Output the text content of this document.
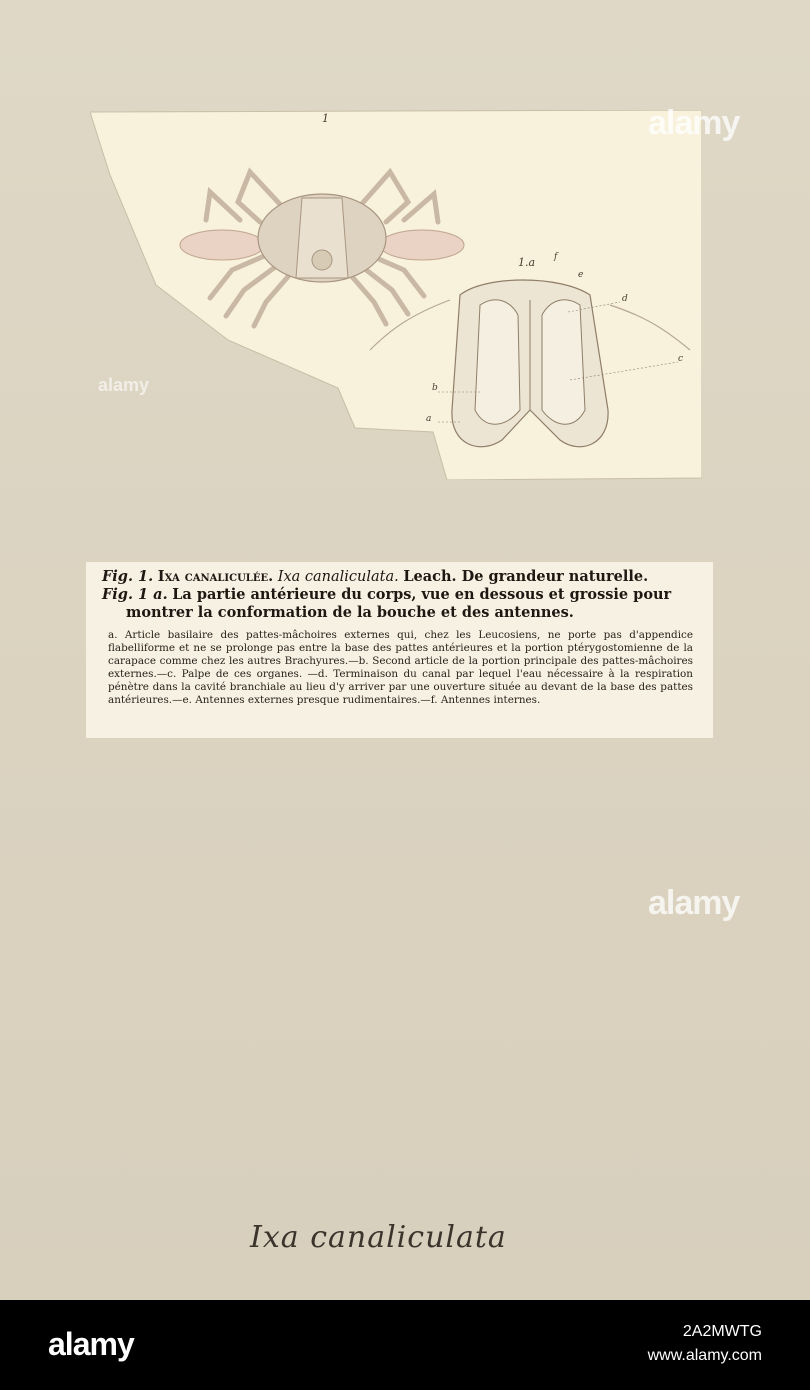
1
1.a f
e
d
c
b
a
Fig. 1. Ixa canaliculée. Ixa canaliculata. Leach. De grandeur naturelle.
Fig. 1 a. La partie antérieure du corps, vue en dessous et grossie pour
montrer la conformation de la bouche et des antennes.
a. Article basilaire des pattes-mâchoires externes qui, chez les Leucosiens, ne porte pas d'appendice flabelliforme et ne se prolonge pas entre la base des pattes antérieures et la portion ptérygostomienne de la carapace comme chez les autres Brachyures.—b. Second article de la portion principale des pattes-mâchoires externes.—c. Palpe de ces organes. —d. Terminaison du canal par lequel l'eau nécessaire à la respiration pénètre dans la cavité branchiale au lieu d'y arriver par une ouverture située au devant de la base des pattes antérieures.—e. Antennes externes presque rudimentaires.—f. Antennes internes.
Ixa canaliculata
alamy
alamy
alamy
alamy	2A2MWTG
www.alamy.com
